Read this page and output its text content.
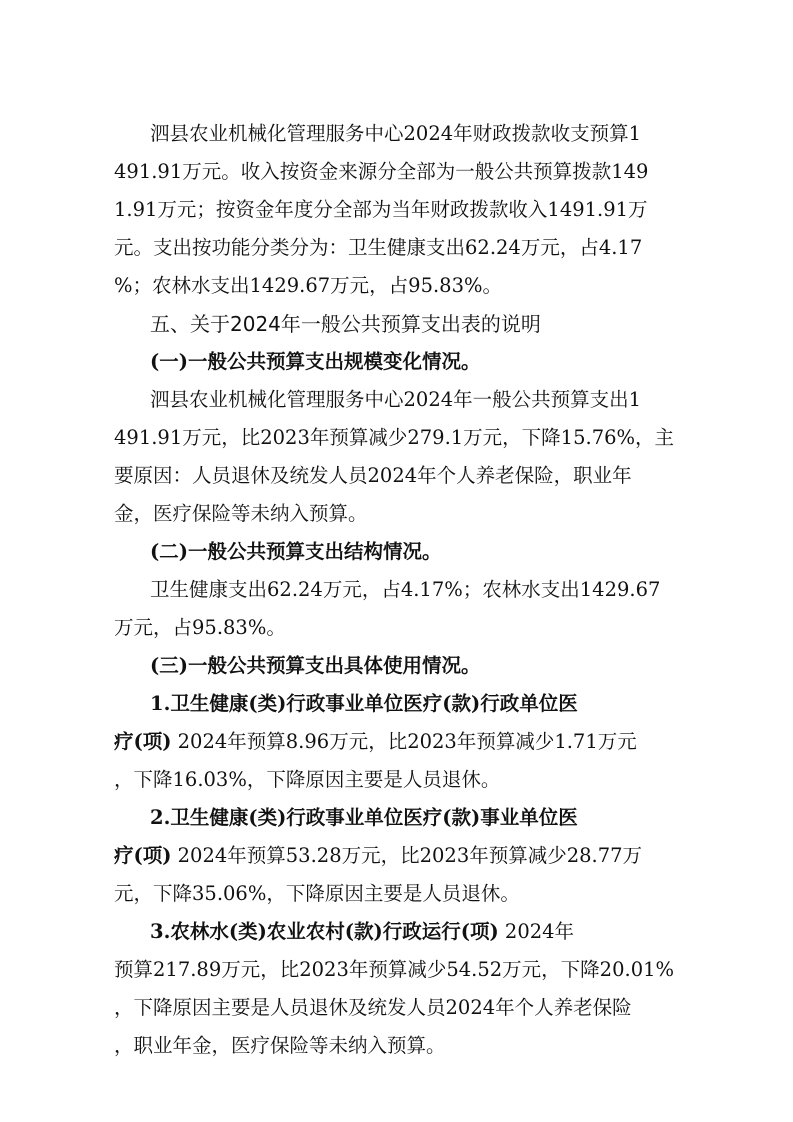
泗县农业机械化管理服务中心2024年财政拨款收支预算1
491.91万元。收入按资金来源分全部为一般公共预算拨款149
1.91万元；按资金年度分全部为当年财政拨款收入1491.91万
元。支出按功能分类分为：卫生健康支出62.24万元，占4.17
%；农林水支出1429.67万元，占95.83%。
五、关于2024年一般公共预算支出表的说明
(一)一般公共预算支出规模变化情况。
泗县农业机械化管理服务中心2024年一般公共预算支出1
491.91万元，比2023年预算减少279.1万元，下降15.76%，主
要原因：人员退休及统发人员2024年个人养老保险，职业年
金，医疗保险等未纳入预算。
(二)一般公共预算支出结构情况。
卫生健康支出62.24万元，占4.17%；农林水支出1429.67
万元，占95.83%。
(三)一般公共预算支出具体使用情况。
1.卫生健康(类)行政事业单位医疗(款)行政单位医
疗(项) 2024年预算8.96万元，比2023年预算减少1.71万元
，下降16.03%，下降原因主要是人员退休。
2.卫生健康(类)行政事业单位医疗(款)事业单位医
疗(项) 2024年预算53.28万元，比2023年预算减少28.77万
元，下降35.06%，下降原因主要是人员退休。
3.农林水(类)农业农村(款)行政运行(项) 2024年
预算217.89万元，比2023年预算减少54.52万元，下降20.01%
，下降原因主要是人员退休及统发人员2024年个人养老保险
，职业年金，医疗保险等未纳入预算。
